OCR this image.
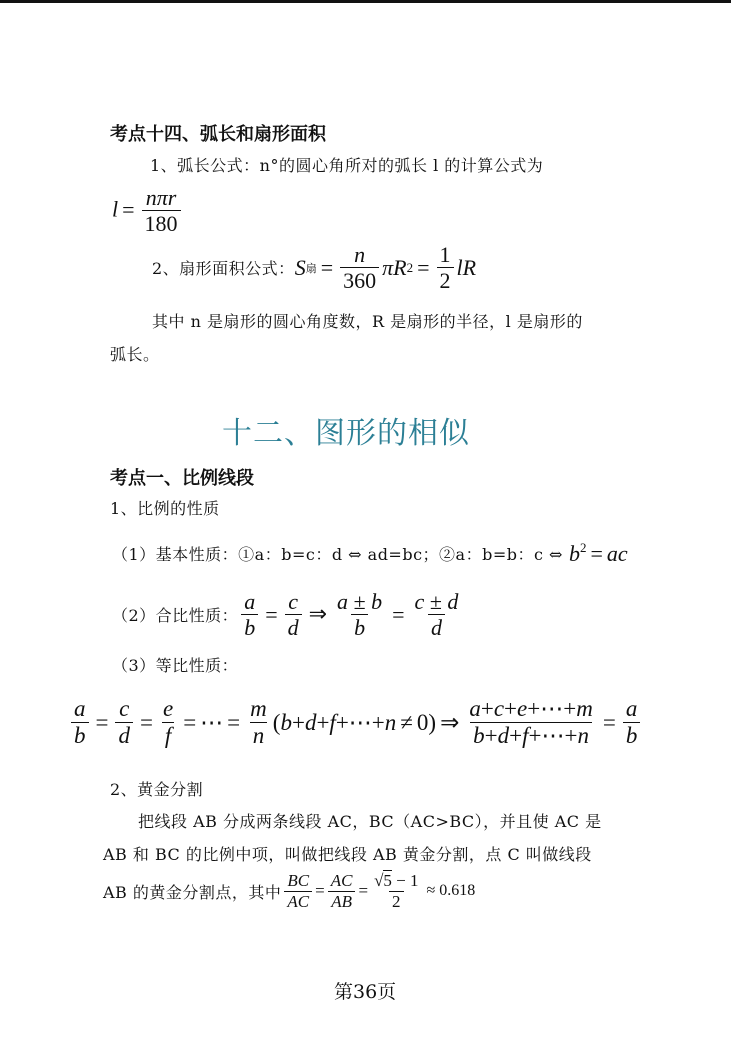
考点十四、弧长和扇形面积
1、弧长公式：n°的圆心角所对的弧长 l 的计算公式为
$l = \frac{\text{nπr}}{180}$
2、扇形面积公式： S 扇 = $\frac{n}{360}$ πR $2 = \frac{1}{2}$ lR
其中 n 是扇形的圆心角度数，R 是扇形的半径，l 是扇形的
弧长。
十二、图形的相似
考点一、比例线段
1、比例的性质
（1）基本性质：①a：b=c：d ⇔ ad=bc；②a：b=b：c ⇔ $b^2$ = ac
（2）合比性质： $\frac{a}{b} = \frac{c}{d}$ ⇒ $\frac{a \pm b}{b} = \frac{c \pm d}{d}$
（3）等比性质：
$\frac{a}{b} = \frac{c}{d} = \frac{e}{f}$ = ⋯ = $\frac{m}{n}$ ( b + d + f +⋯+ n ≠ 0) ⇒ $\frac{a+c+e+\cdots+m}{b+d+f+\cdots+n} = \frac{a}{b}$
2、黄金分割
把线段 AB 分成两条线段 AC，BC（AC>BC），并且使 AC 是
AB 和 BC 的比例中项，叫做把线段 AB 黄金分割，点 C 叫做线段
AB 的黄金分割点，其中 $\frac{BC}{AC} = \frac{AC}{AB} = \frac{√5 - 1}{2} \approx 0.618$
第36页
